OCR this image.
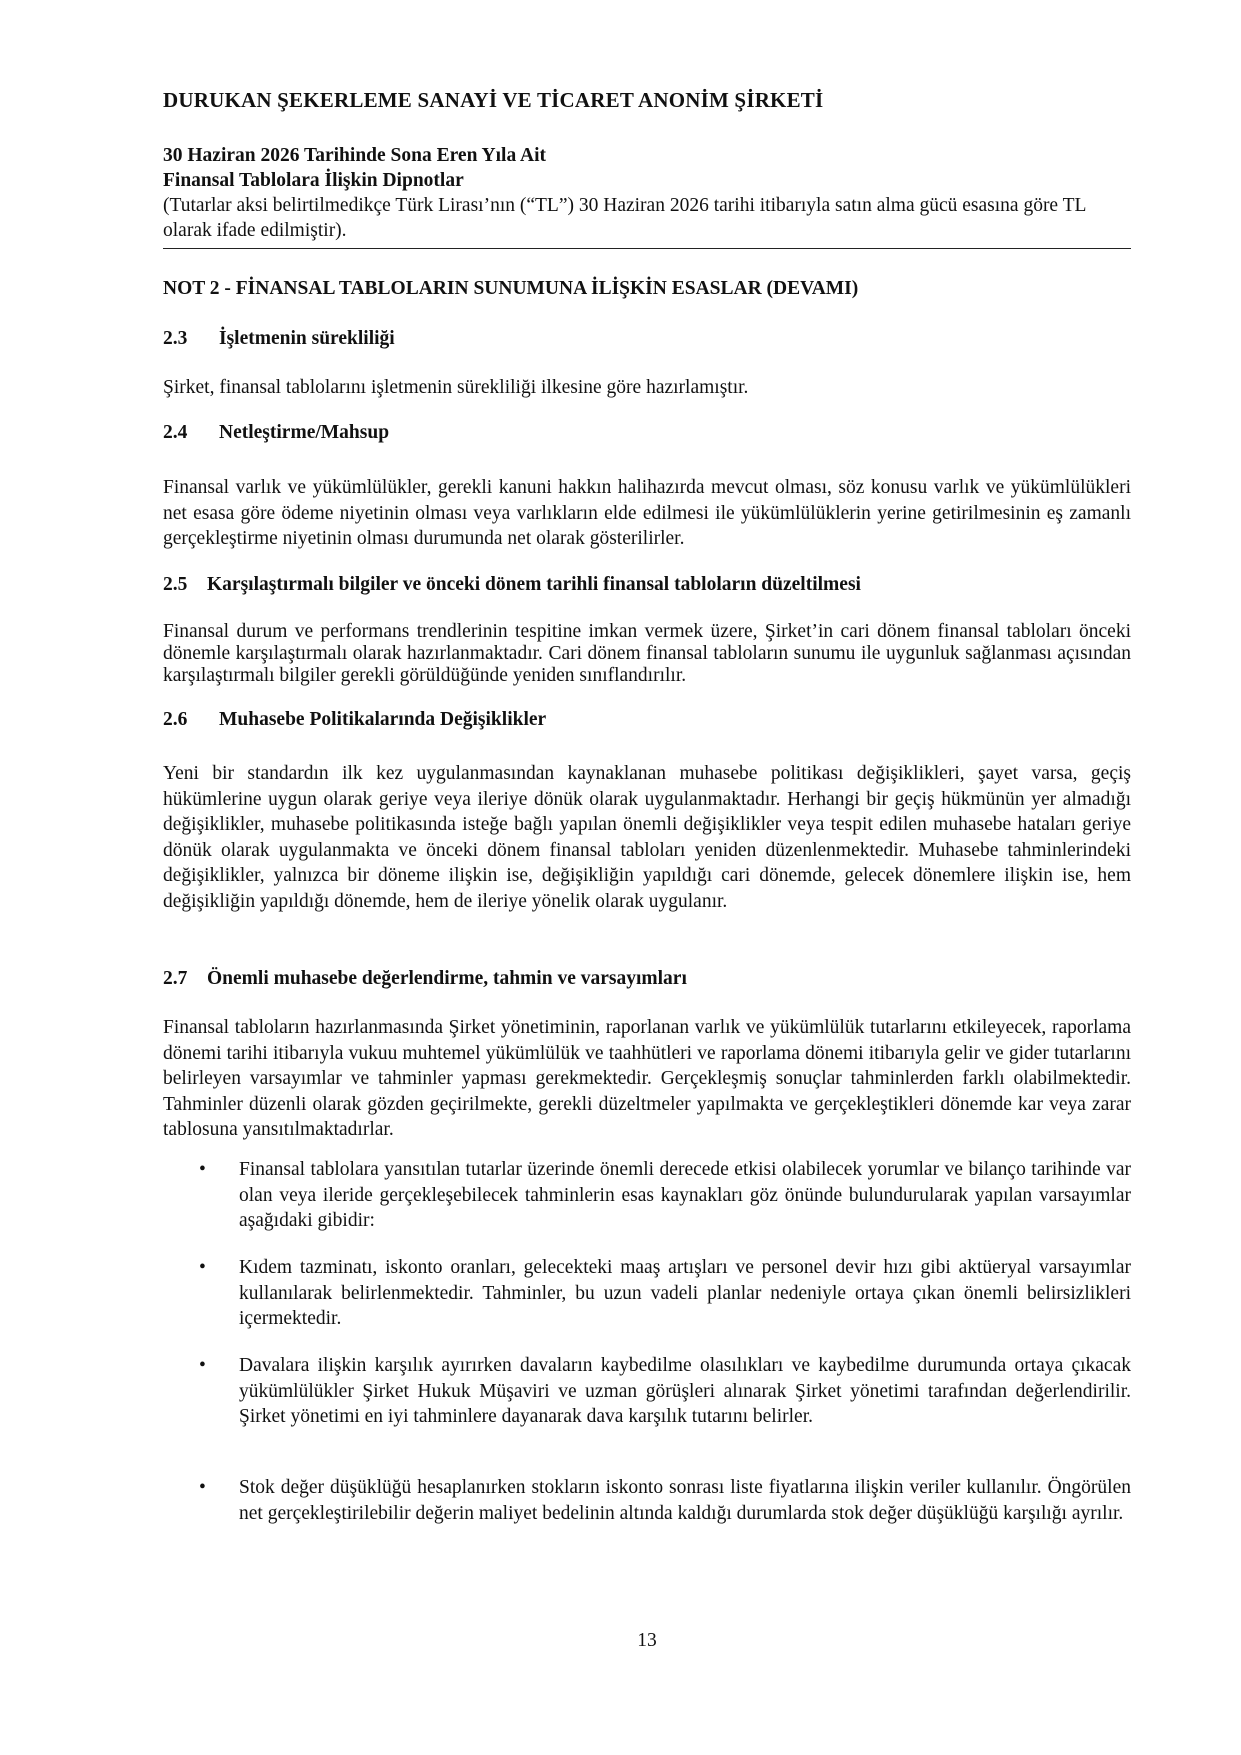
DURUKAN ŞEKERLEME SANAYİ VE TİCARET ANONİM ŞİRKETİ
30 Haziran 2026 Tarihinde Sona Eren Yıla Ait
Finansal Tablolara İlişkin Dipnotlar
(Tutarlar aksi belirtilmedikçe Türk Lirası’nın (“TL”) 30 Haziran 2026 tarihi itibarıyla satın alma gücü esasına göre TL olarak ifade edilmiştir).
NOT 2 - FİNANSAL TABLOLARIN SUNUMUNA İLİŞKİN ESASLAR (DEVAMI)
2.3 İşletmenin sürekliliği
Şirket, finansal tablolarını işletmenin sürekliliği ilkesine göre hazırlamıştır.
2.4 Netleştirme/Mahsup
Finansal varlık ve yükümlülükler, gerekli kanuni hakkın halihazırda mevcut olması, söz konusu varlık ve yükümlülükleri net esasa göre ödeme niyetinin olması veya varlıkların elde edilmesi ile yükümlülüklerin yerine getirilmesinin eş zamanlı gerçekleştirme niyetinin olması durumunda net olarak gösterilirler.
2.5 Karşılaştırmalı bilgiler ve önceki dönem tarihli finansal tabloların düzeltilmesi
Finansal durum ve performans trendlerinin tespitine imkan vermek üzere, Şirket’in cari dönem finansal tabloları önceki dönemle karşılaştırmalı olarak hazırlanmaktadır. Cari dönem finansal tabloların sunumu ile uygunluk sağlanması açısından karşılaştırmalı bilgiler gerekli görüldüğünde yeniden sınıflandırılır.
2.6 Muhasebe Politikalarında Değişiklikler
Yeni bir standardın ilk kez uygulanmasından kaynaklanan muhasebe politikası değişiklikleri, şayet varsa, geçiş hükümlerine uygun olarak geriye veya ileriye dönük olarak uygulanmaktadır. Herhangi bir geçiş hükmünün yer almadığı değişiklikler, muhasebe politikasında isteğe bağlı yapılan önemli değişiklikler veya tespit edilen muhasebe hataları geriye dönük olarak uygulanmakta ve önceki dönem finansal tabloları yeniden düzenlenmektedir. Muhasebe tahminlerindeki değişiklikler, yalnızca bir döneme ilişkin ise, değişikliğin yapıldığı cari dönemde, gelecek dönemlere ilişkin ise, hem değişikliğin yapıldığı dönemde, hem de ileriye yönelik olarak uygulanır.
2.7 Önemli muhasebe değerlendirme, tahmin ve varsayımları
Finansal tabloların hazırlanmasında Şirket yönetiminin, raporlanan varlık ve yükümlülük tutarlarını etkileyecek, raporlama dönemi tarihi itibarıyla vukuu muhtemel yükümlülük ve taahhütleri ve raporlama dönemi itibarıyla gelir ve gider tutarlarını belirleyen varsayımlar ve tahminler yapması gerekmektedir. Gerçekleşmiş sonuçlar tahminlerden farklı olabilmektedir. Tahminler düzenli olarak gözden geçirilmekte, gerekli düzeltmeler yapılmakta ve gerçekleştikleri dönemde kar veya zarar tablosuna yansıtılmaktadırlar.
•	Finansal tablolara yansıtılan tutarlar üzerinde önemli derecede etkisi olabilecek yorumlar ve bilanço tarihinde var olan veya ileride gerçekleşebilecek tahminlerin esas kaynakları göz önünde bulundurularak yapılan varsayımlar aşağıdaki gibidir:
•	Kıdem tazminatı, iskonto oranları, gelecekteki maaş artışları ve personel devir hızı gibi aktüeryal varsayımlar kullanılarak belirlenmektedir. Tahminler, bu uzun vadeli planlar nedeniyle ortaya çıkan önemli belirsizlikleri içermektedir.
•	Davalara ilişkin karşılık ayırırken davaların kaybedilme olasılıkları ve kaybedilme durumunda ortaya çıkacak yükümlülükler Şirket Hukuk Müşaviri ve uzman görüşleri alınarak Şirket yönetimi tarafından değerlendirilir. Şirket yönetimi en iyi tahminlere dayanarak dava karşılık tutarını belirler.
•	Stok değer düşüklüğü hesaplanırken stokların iskonto sonrası liste fiyatlarına ilişkin veriler kullanılır. Öngörülen net gerçekleştirilebilir değerin maliyet bedelinin altında kaldığı durumlarda stok değer düşüklüğü karşılığı ayrılır.
13
